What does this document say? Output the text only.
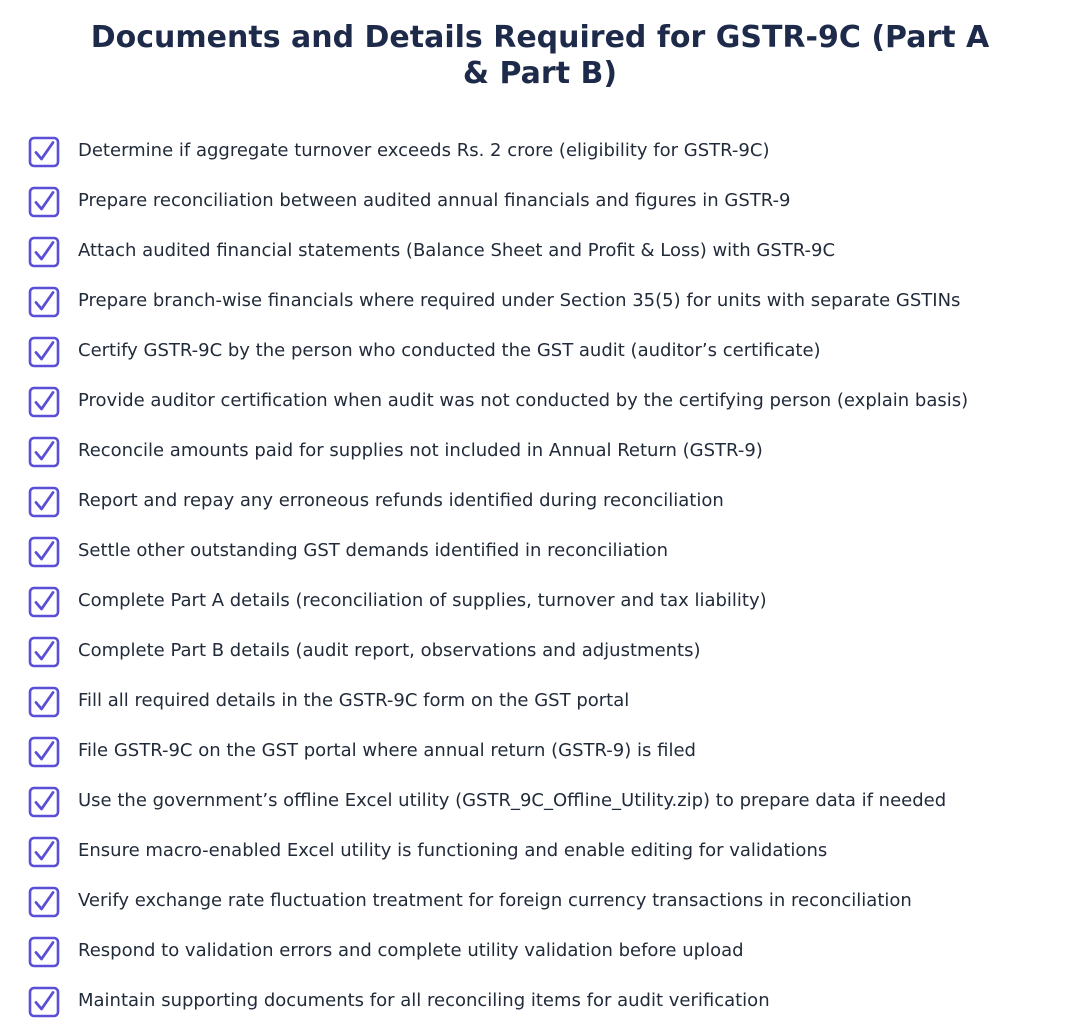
Documents and Details Required for GSTR-9C (Part A & Part B)
Determine if aggregate turnover exceeds Rs. 2 crore (eligibility for GSTR-9C)
Prepare reconciliation between audited annual financials and figures in GSTR-9
Attach audited financial statements (Balance Sheet and Profit & Loss) with GSTR-9C
Prepare branch-wise financials where required under Section 35(5) for units with separate GSTINs
Certify GSTR-9C by the person who conducted the GST audit (auditor’s certificate)
Provide auditor certification when audit was not conducted by the certifying person (explain basis)
Reconcile amounts paid for supplies not included in Annual Return (GSTR-9)
Report and repay any erroneous refunds identified during reconciliation
Settle other outstanding GST demands identified in reconciliation
Complete Part A details (reconciliation of supplies, turnover and tax liability)
Complete Part B details (audit report, observations and adjustments)
Fill all required details in the GSTR-9C form on the GST portal
File GSTR-9C on the GST portal where annual return (GSTR-9) is filed
Use the government’s offline Excel utility (GSTR_9C_Offline_Utility.zip) to prepare data if needed
Ensure macro-enabled Excel utility is functioning and enable editing for validations
Verify exchange rate fluctuation treatment for foreign currency transactions in reconciliation
Respond to validation errors and complete utility validation before upload
Maintain supporting documents for all reconciling items for audit verification
